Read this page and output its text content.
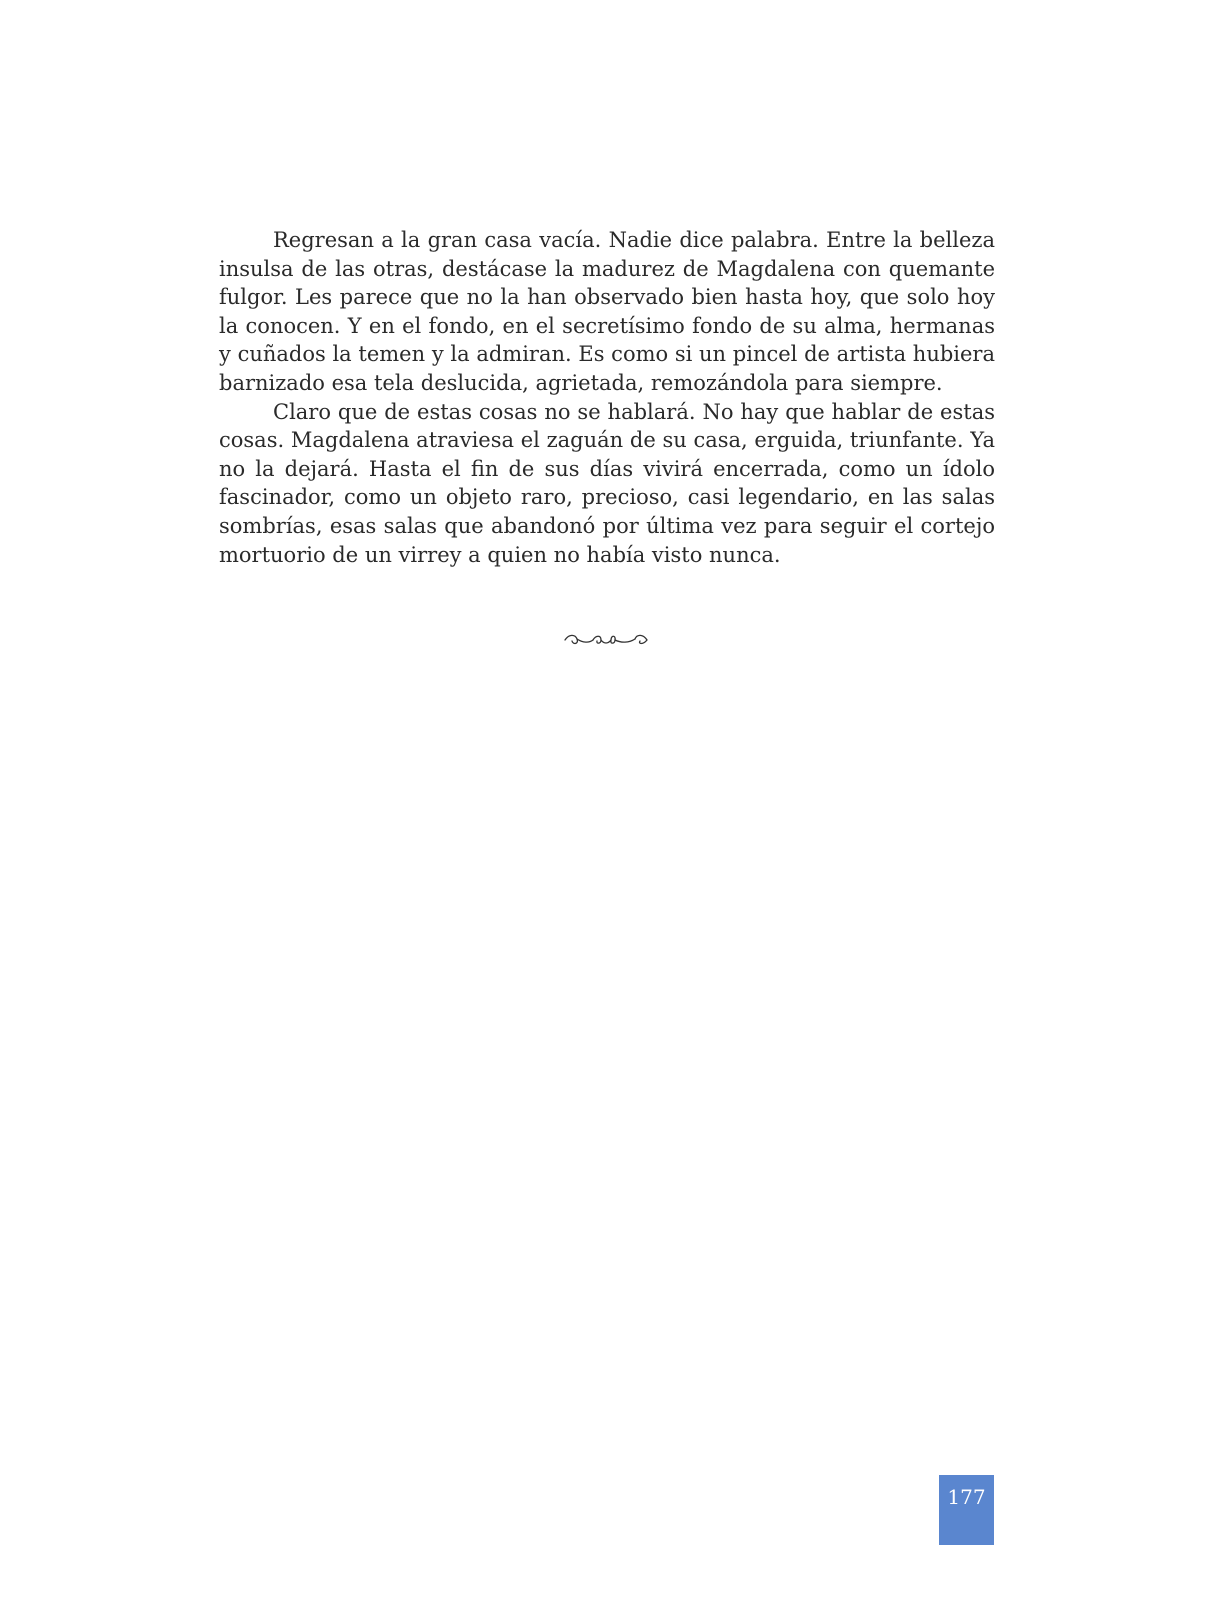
Regresan a la gran casa vacía. Nadie dice palabra. Entre la belleza insulsa de las otras, destácase la madurez de Magdalena con quemante fulgor. Les parece que no la han observado bien hasta hoy, que solo hoy la conocen. Y en el fondo, en el secretísimo fondo de su alma, hermanas y cuñados la temen y la admiran. Es como si un pincel de artista hubiera barnizado esa tela deslucida, agrietada, remozándola para siempre.

Claro que de estas cosas no se hablará. No hay que hablar de estas cosas. Magdalena atraviesa el zaguán de su casa, erguida, triunfante. Ya no la dejará. Hasta el fin de sus días vivirá encerrada, como un ídolo fascinador, como un objeto raro, precioso, casi legendario, en las salas sombrías, esas salas que abandonó por última vez para seguir el cortejo mortuorio de un virrey a quien no había visto nunca.

177
